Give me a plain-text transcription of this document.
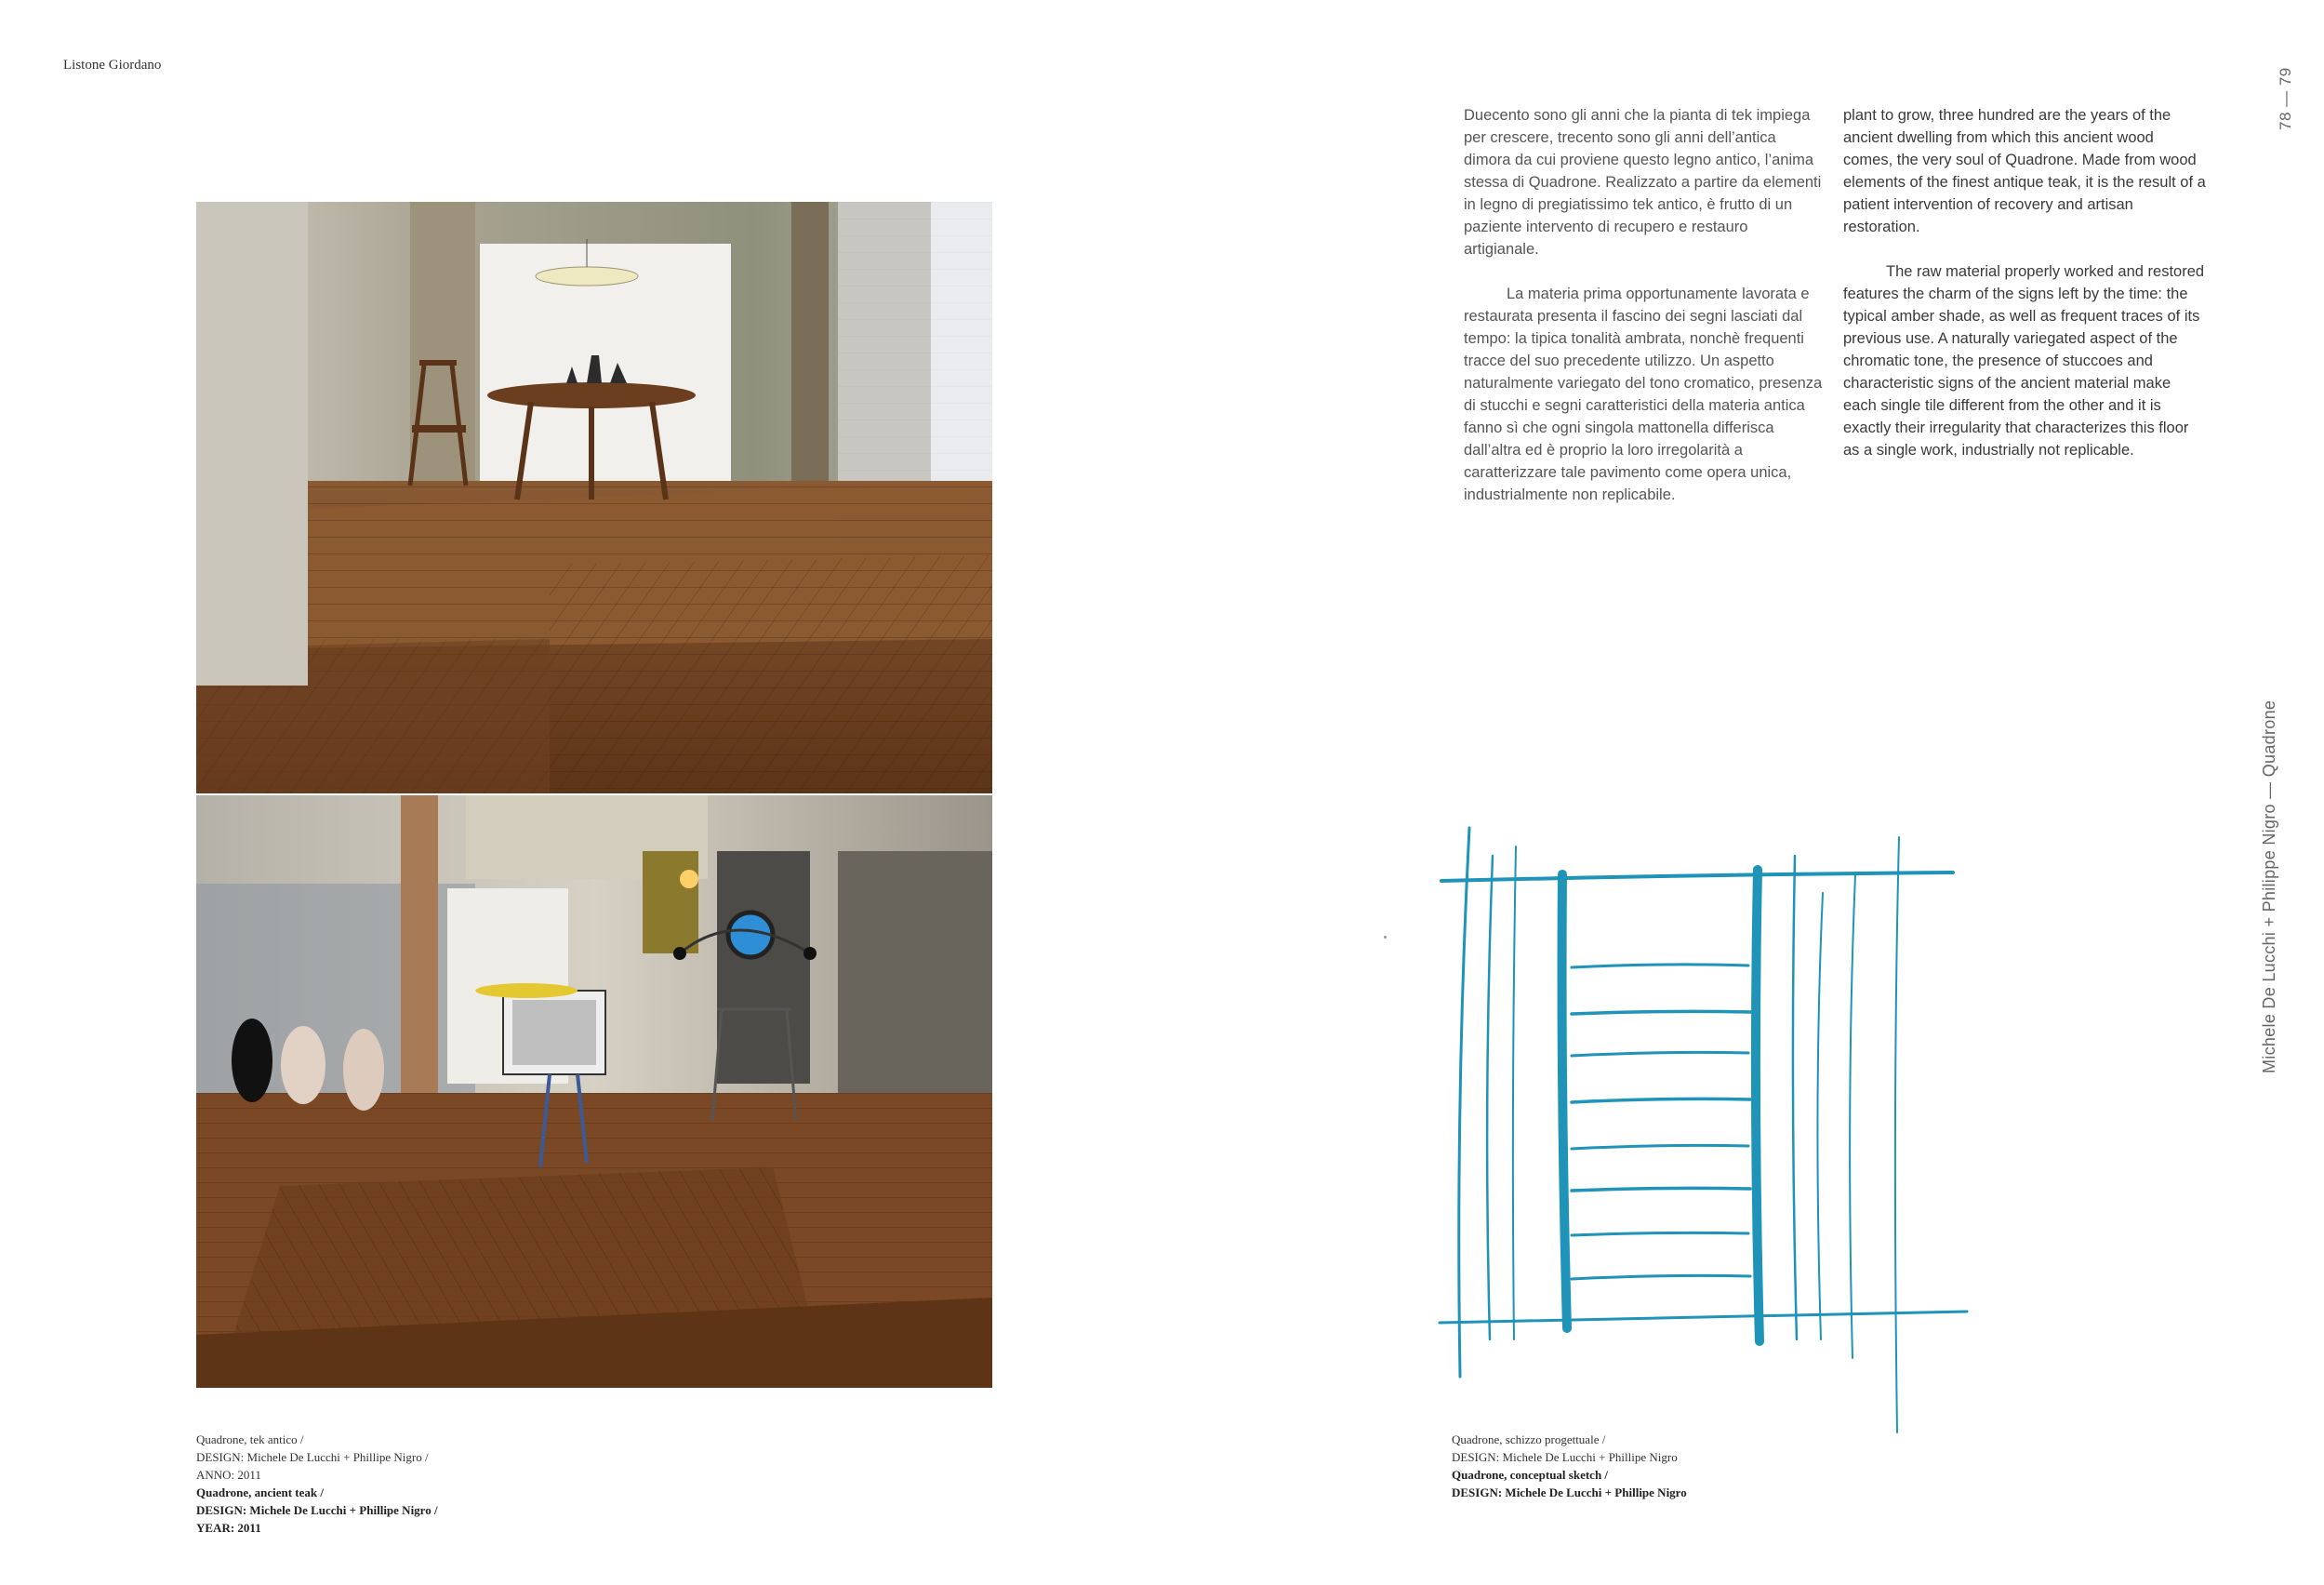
Listone Giordano
78 — 79
Michele De Lucchi + Philippe Nigro — Quadrone

Duecento sono gli anni che la pianta di tek impiega per crescere, trecento sono gli anni dell’antica dimora da cui proviene questo legno antico, l’anima stessa di Quadrone. Realizzato a partire da elementi in legno di pregiatissimo tek antico, è frutto di un paziente intervento di recupero e restauro artigianale.

La materia prima opportunamente lavorata e restaurata presenta il fascino dei segni lasciati dal tempo: la tipica tonalità ambrata, nonchè frequenti tracce del suo precedente utilizzo. Un aspetto naturalmente variegato del tono cromatico, presenza di stucchi e segni caratteristici della materia antica fanno sì che ogni singola mattonella differisca dall’altra ed è proprio la loro irregolarità a caratterizzare tale pavimento come opera unica, industrialmente non replicabile.

plant to grow, three hundred are the years of the ancient dwelling from which this ancient wood comes, the very soul of Quadrone. Made from wood elements of the finest antique teak, it is the result of a patient intervention of recovery and artisan restoration.

The raw material properly worked and restored features the charm of the signs left by the time: the typical amber shade, as well as frequent traces of its previous use. A naturally variegated aspect of the chromatic tone, the presence of stuccoes and characteristic signs of the ancient material make each single tile different from the other and it is exactly their irregularity that characterizes this floor as a single work, industrially not replicable.

Quadrone, tek antico /
DESIGN: Michele De Lucchi + Phillipe Nigro /
ANNO: 2011
Quadrone, ancient teak /
DESIGN: Michele De Lucchi + Phillipe Nigro /
YEAR: 2011
Quadrone, schizzo progettuale /
DESIGN: Michele De Lucchi + Phillipe Nigro
Quadrone, conceptual sketch /
DESIGN: Michele De Lucchi + Phillipe Nigro
